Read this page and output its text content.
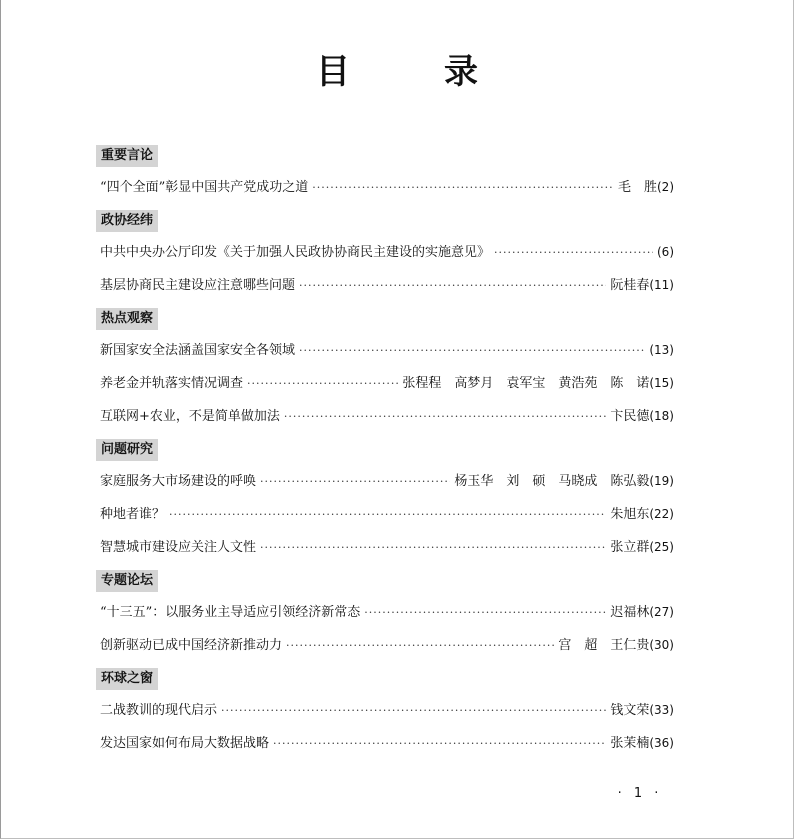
目　录
重要言论
“四个全面”彰显中国共产党成功之道 ·····	毛　胜 (2)
政协经纬
中共中央办公厅印发《关于加强人民政协协商民主建设的实施意见》 ·····	(6)
基层协商民主建设应注意哪些问题 ·····	阮桂春 (11)
热点观察
新国家安全法涵盖国家安全各领域 ·····	(13)
养老金并轨落实情况调查 ·····	张程程　高梦月　袁军宝　黄浩苑　陈　诺 (15)
互联网+农业，不是简单做加法 ·····	卞民德 (18)
问题研究
家庭服务大市场建设的呼唤 ·····	杨玉华　刘　硕　马晓成　陈弘毅 (19)
种地者谁？ ·····	朱旭东 (22)
智慧城市建设应关注人文性 ·····	张立群 (25)
专题论坛
“十三五”：以服务业主导适应引领经济新常态 ·····	迟福林 (27)
创新驱动已成中国经济新推动力 ·····	宫　超　王仁贵 (30)
环球之窗
二战教训的现代启示 ·····	钱文荣 (33)
发达国家如何布局大数据战略 ·····	张茉楠 (36)
· 1 ·
